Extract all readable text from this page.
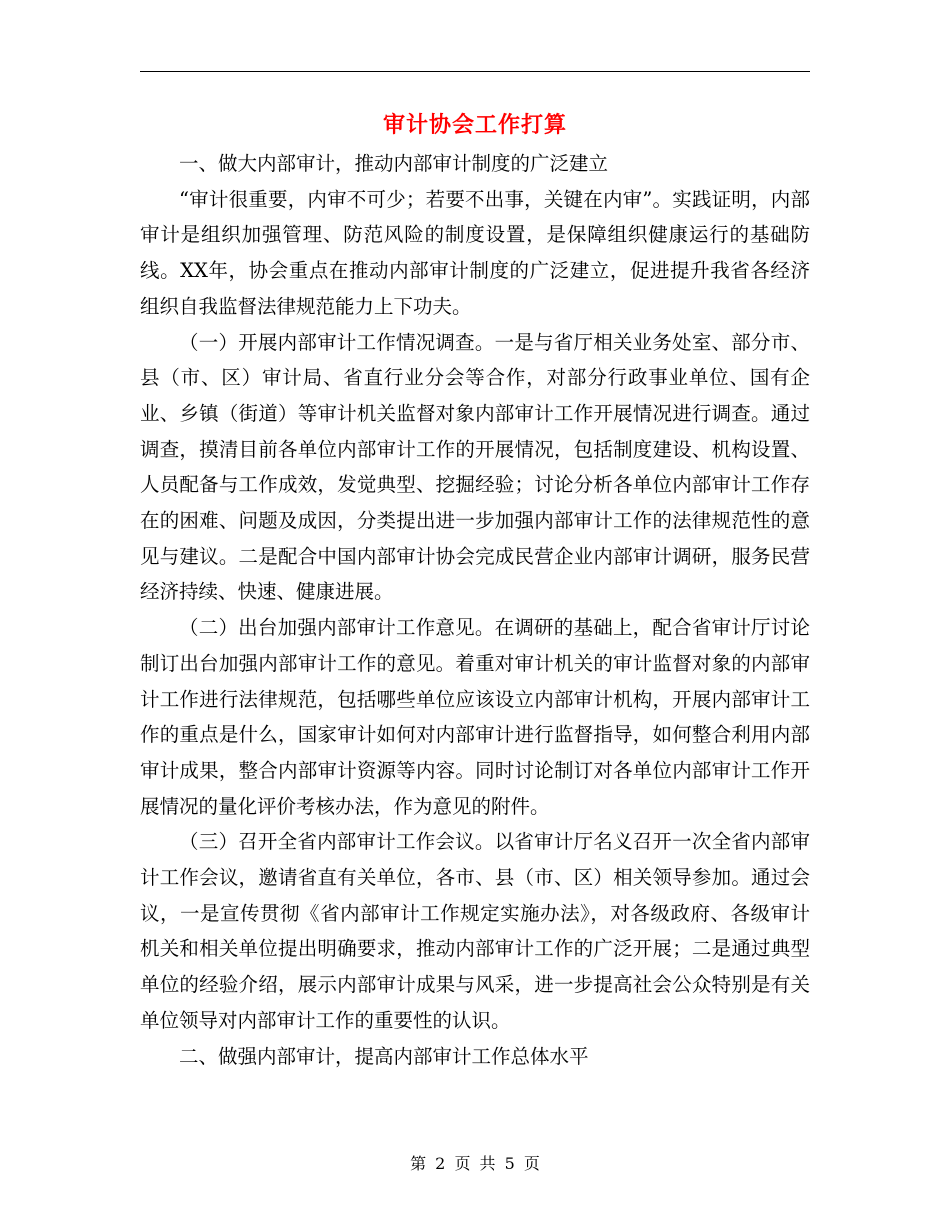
审计协会工作打算

一、做大内部审计，推动内部审计制度的广泛建立

“审计很重要，内审不可少；若要不出事，关键在内审”。实践证明，内部审计是组织加强管理、防范风险的制度设置，是保障组织健康运行的基础防线。XX年，协会重点在推动内部审计制度的广泛建立，促进提升我省各经济组织自我监督法律规范能力上下功夫。

（一）开展内部审计工作情况调查。一是与省厅相关业务处室、部分市、县（市、区）审计局、省直行业分会等合作，对部分行政事业单位、国有企业、乡镇（街道）等审计机关监督对象内部审计工作开展情况进行调查。通过调查，摸清目前各单位内部审计工作的开展情况，包括制度建设、机构设置、人员配备与工作成效，发觉典型、挖掘经验；讨论分析各单位内部审计工作存在的困难、问题及成因，分类提出进一步加强内部审计工作的法律规范性的意见与建议。二是配合中国内部审计协会完成民营企业内部审计调研，服务民营经济持续、快速、健康进展。

（二）出台加强内部审计工作意见。在调研的基础上，配合省审计厅讨论制订出台加强内部审计工作的意见。着重对审计机关的审计监督对象的内部审计工作进行法律规范，包括哪些单位应该设立内部审计机构，开展内部审计工作的重点是什么，国家审计如何对内部审计进行监督指导，如何整合利用内部审计成果，整合内部审计资源等内容。同时讨论制订对各单位内部审计工作开展情况的量化评价考核办法，作为意见的附件。

（三）召开全省内部审计工作会议。以省审计厅名义召开一次全省内部审计工作会议，邀请省直有关单位，各市、县（市、区）相关领导参加。通过会议，一是宣传贯彻《省内部审计工作规定实施办法》，对各级政府、各级审计机关和相关单位提出明确要求，推动内部审计工作的广泛开展；二是通过典型单位的经验介绍，展示内部审计成果与风采，进一步提高社会公众特别是有关单位领导对内部审计工作的重要性的认识。

二、做强内部审计，提高内部审计工作总体水平

第 2 页 共 5 页
